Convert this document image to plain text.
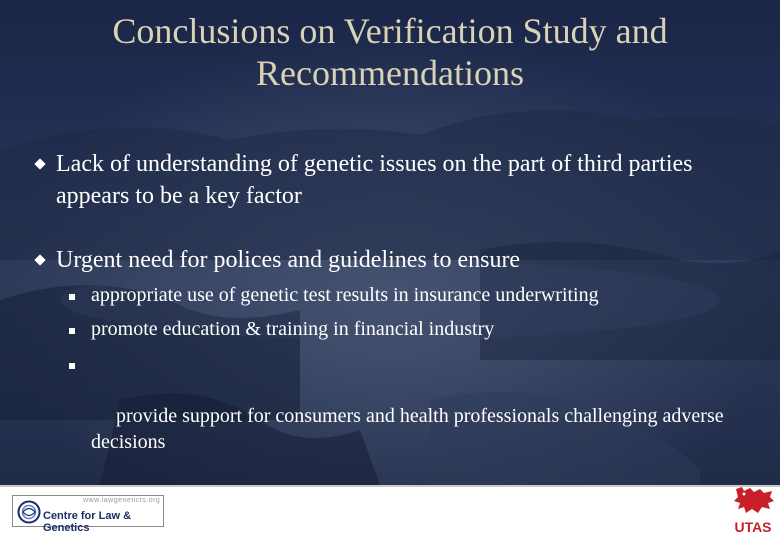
Conclusions on Verification Study and Recommendations
Lack of understanding of genetic issues on the part of third parties appears to be a key factor
Urgent need for polices and guidelines to ensure
appropriate use of genetic test results in insurance underwriting
promote education & training in financial industry

provide support for consumers and health professionals challenging adverse decisions

www.lawgeneticts.org
Centre for Law & Genetics	UTAS
